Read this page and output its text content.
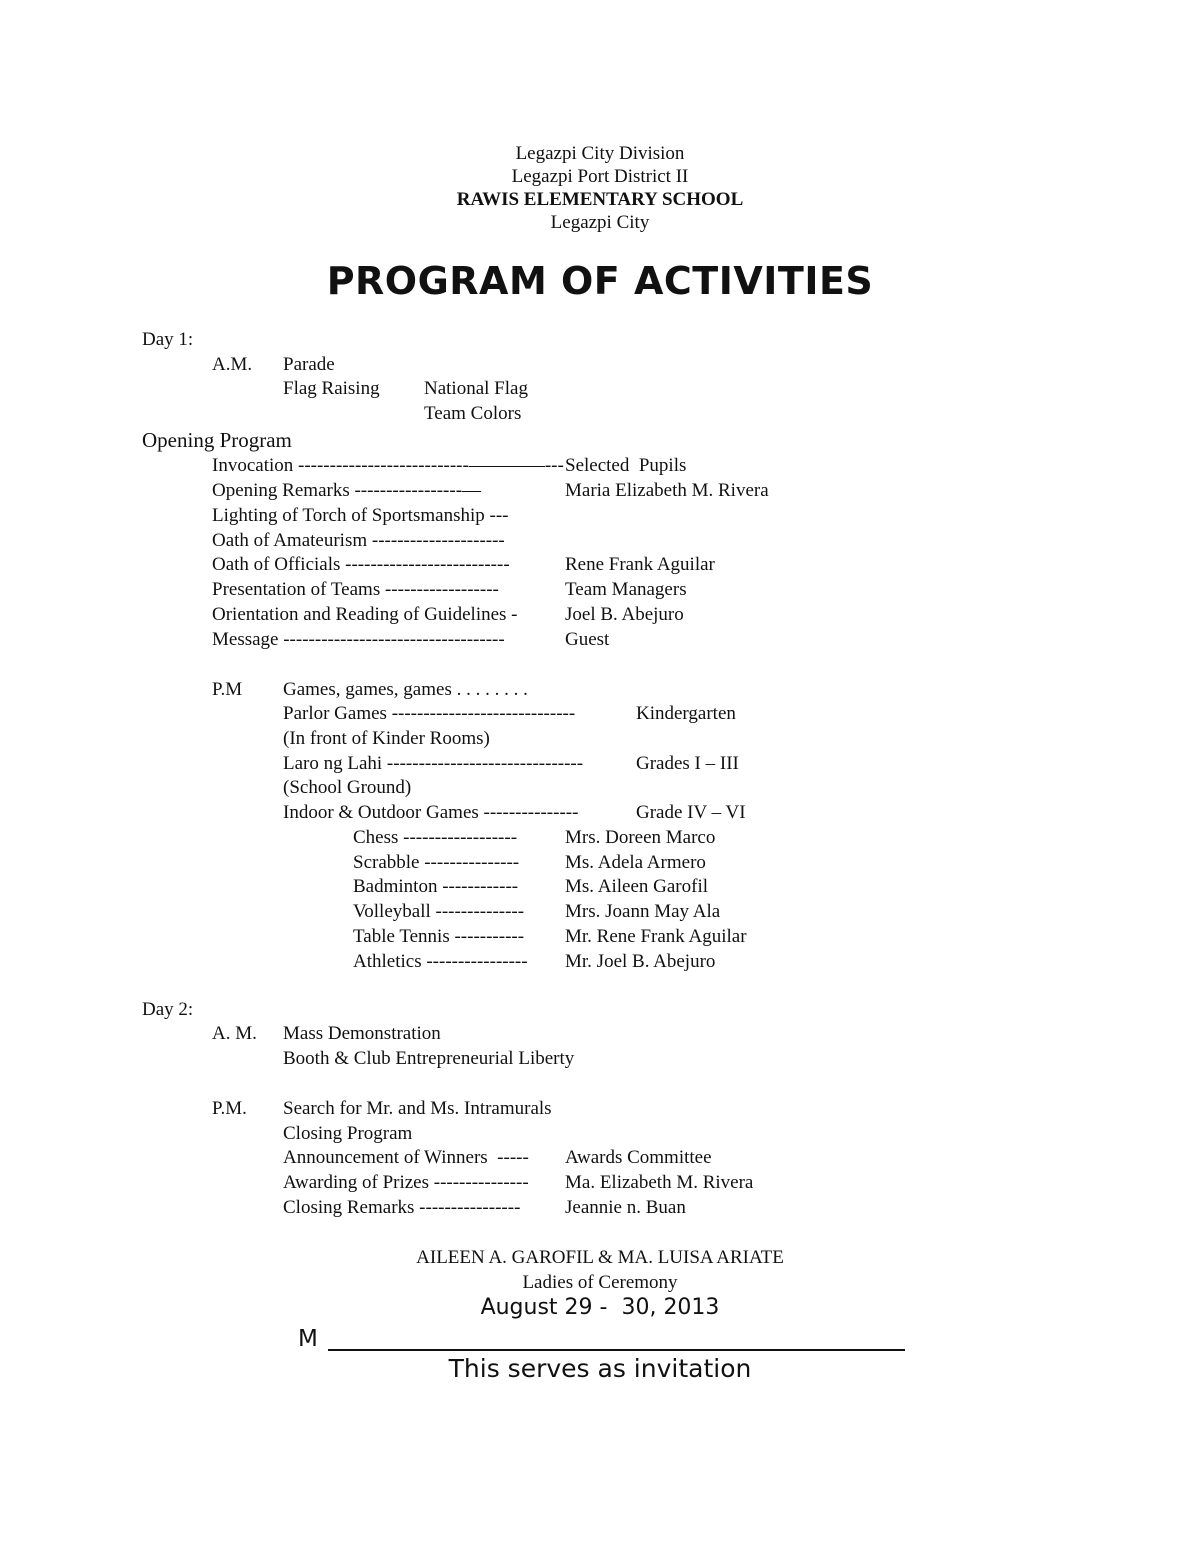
Legazpi City Division
Legazpi Port District II
RAWIS ELEMENTARY SCHOOL
Legazpi City
PROGRAM OF ACTIVITIES
Day 1:
A.M. Parade
Flag Raising National Flag
Team Colors
Opening Program
Invocation ---------------------------————--- Selected  Pupils
Opening Remarks -----------------—	Maria Elizabeth M. Rivera
Lighting of Torch of Sportsmanship ---
Oath of Amateurism ---------------------
Oath of Officials --------------------------	Rene Frank Aguilar
Presentation of Teams ------------------	Team Managers
Orientation and Reading of Guidelines - Joel B. Abejuro
Message -----------------------------------	Guest
P.M Games, games, games . . . . . . . .
Parlor Games -----------------------------	Kindergarten
(In front of Kinder Rooms)
Laro ng Lahi -------------------------------	Grades I – III
(School Ground)
Indoor & Outdoor Games ---------------	Grade IV – VI
Chess ------------------	Mrs. Doreen Marco
Scrabble --------------- Ms. Adela Armero
Badminton ------------ Ms. Aileen Garofil
Volleyball -------------- Mrs. Joann May Ala
Table Tennis ----------- Mr. Rene Frank Aguilar
Athletics ---------------- Mr. Joel B. Abejuro
Day 2:
A. M. Mass Demonstration
Booth & Club Entrepreneurial Liberty
P.M. Search for Mr. and Ms. Intramurals
Closing Program
Announcement of Winners  ----- Awards Committee
Awarding of Prizes --------------- Ma. Elizabeth M. Rivera
Closing Remarks ---------------- Jeannie n. Buan
AILEEN A. GAROFIL & MA. LUISA ARIATE
Ladies of Ceremony
August 29 -  30, 2013
M
This serves as invitation
